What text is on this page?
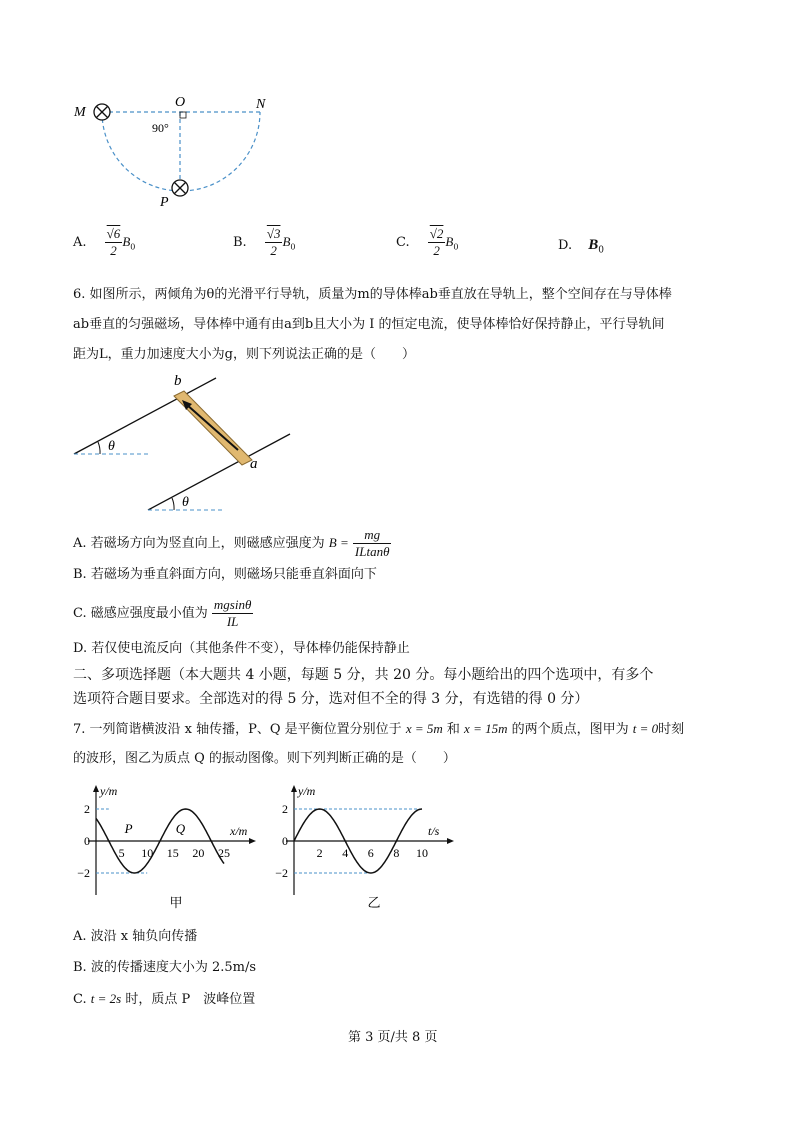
M
O	N
P
90°
A. $\frac{√6}{2} B_0$	B. $\frac{√3}{2} B_0$	C. $\frac{√2}{2} B_0$	D. $B_0$
6. 如图所示，两倾角为θ的光滑平行导轨，质量为m的导体棒ab垂直放在导轨上，整个空间存在与导体棒
ab垂直的匀强磁场，导体棒中通有由a到b且大小为 I 的恒定电流，使导体棒恰好保持静止，平行导轨间
距为L，重力加速度大小为g，则下列说法正确的是（　　）
b
a
θ
θ
A. 若磁场方向为竖直向上，则磁感应强度为 $B = \frac{mg}{ILtan\theta}$
B. 若磁场为垂直斜面方向，则磁场只能垂直斜面向下
C. 磁感应强度最小值为 $\frac{mgsin\theta}{IL}$
D. 若仅使电流反向（其他条件不变），导体棒仍能保持静止
二、多项选择题（本大题共 4 小题，每题 5 分，共 20 分。每小题给出的四个选项中，有多个
选项符合题目要求。全部选对的得 5 分，选对但不全的得 3 分，有选错的得 0 分）
7. 一列简谐横波沿 x 轴传播，P、Q 是平衡位置分别位于 x = 5m 和 x = 15m 的两个质点，图甲为 t = 0时刻
的波形，图乙为质点 Q 的振动图像。则下列判断正确的是（　　）
y/m
x/m
2
0
−2
5 10 15 20 25
P	Q
甲
y/m
t/s
2
0
−2
2 4 6 8 10
乙
A. 波沿 x 轴负向传播
B. 波的传播速度大小为 2.5m/s
C. t = 2s 时，质点 P　波峰位置
第 3 页/共 8 页
